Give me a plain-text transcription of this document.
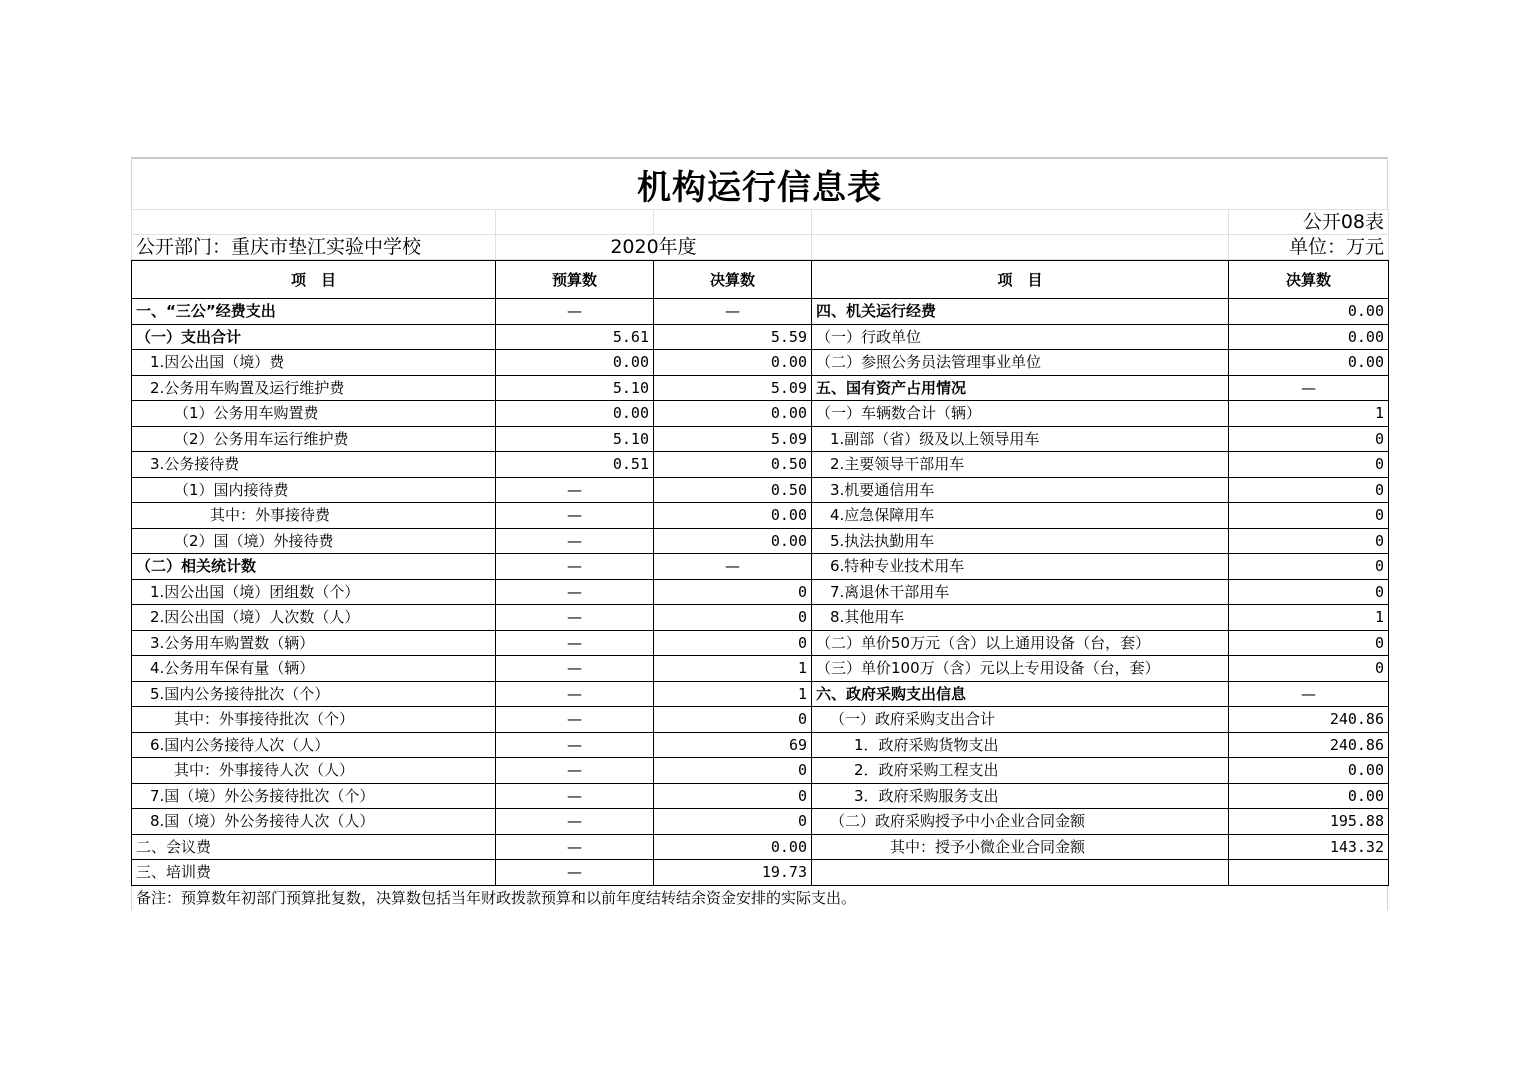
机构运行信息表
				公开08表
公开部门：重庆市垫江实验中学校	2020年度			单位：万元
项　目	预算数	决算数	项　目	决算数
一、“三公”经费支出	—	—	四、机关运行经费	0.00
（一）支出合计	5.61	5.59	（一）行政单位	0.00
1.因公出国（境）费	0.00	0.00	（二）参照公务员法管理事业单位	0.00
2.公务用车购置及运行维护费	5.10	5.09	五、国有资产占用情况	—
（1）公务用车购置费	0.00	0.00	（一）车辆数合计（辆）	1
（2）公务用车运行维护费	5.10	5.09	1.副部（省）级及以上领导用车	0
3.公务接待费	0.51	0.50	2.主要领导干部用车	0
（1）国内接待费	—	0.50	3.机要通信用车	0
其中：外事接待费	—	0.00	4.应急保障用车	0
（2）国（境）外接待费	—	0.00	5.执法执勤用车	0
（二）相关统计数	—	—	6.特种专业技术用车	0
1.因公出国（境）团组数（个）	—	0	7.离退休干部用车	0
2.因公出国（境）人次数（人）	—	0	8.其他用车	1
3.公务用车购置数（辆）	—	0	（二）单价50万元（含）以上通用设备（台，套）	0
4.公务用车保有量（辆）	—	1	（三）单价100万（含）元以上专用设备（台，套）	0
5.国内公务接待批次（个）	—	1	六、政府采购支出信息	—
其中：外事接待批次（个）	—	0	（一）政府采购支出合计	240.86
6.国内公务接待人次（人）	—	69	1．政府采购货物支出	240.86
其中：外事接待人次（人）	—	0	2．政府采购工程支出	0.00
7.国（境）外公务接待批次（个）	—	0	3．政府采购服务支出	0.00
8.国（境）外公务接待人次（人）	—	0	（二）政府采购授予中小企业合同金额	195.88
二、会议费	—	0.00	其中：授予小微企业合同金额	143.32
三、培训费	—	19.73		
备注：预算数年初部门预算批复数，决算数包括当年财政拨款预算和以前年度结转结余资金安排的实际支出。
